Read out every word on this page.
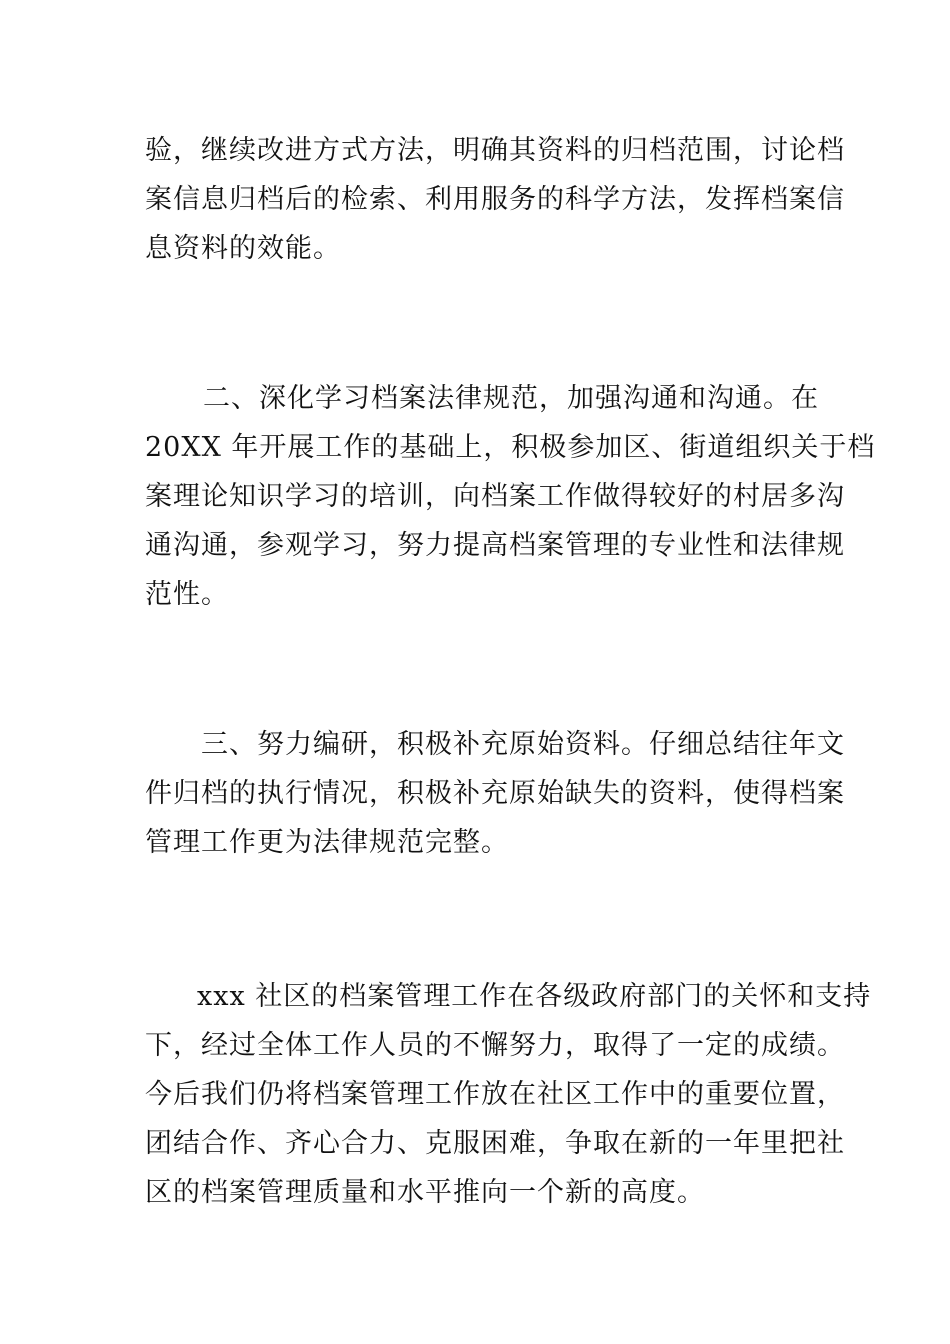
验，继续改进方式方法，明确其资料的归档范围，讨论档
案信息归档后的检索、利用服务的科学方法，发挥档案信
息资料的效能。
二、深化学习档案法律规范，加强沟通和沟通。在
20XX 年开展工作的基础上，积极参加区、街道组织关于档
案理论知识学习的培训，向档案工作做得较好的村居多沟
通沟通，参观学习，努力提高档案管理的专业性和法律规
范性。
三、努力编研，积极补充原始资料。仔细总结往年文
件归档的执行情况，积极补充原始缺失的资料，使得档案
管理工作更为法律规范完整。
xxx 社区的档案管理工作在各级政府部门的关怀和支持
下，经过全体工作人员的不懈努力，取得了一定的成绩。
今后我们仍将档案管理工作放在社区工作中的重要位置，
团结合作、齐心合力、克服困难，争取在新的一年里把社
区的档案管理质量和水平推向一个新的高度。
